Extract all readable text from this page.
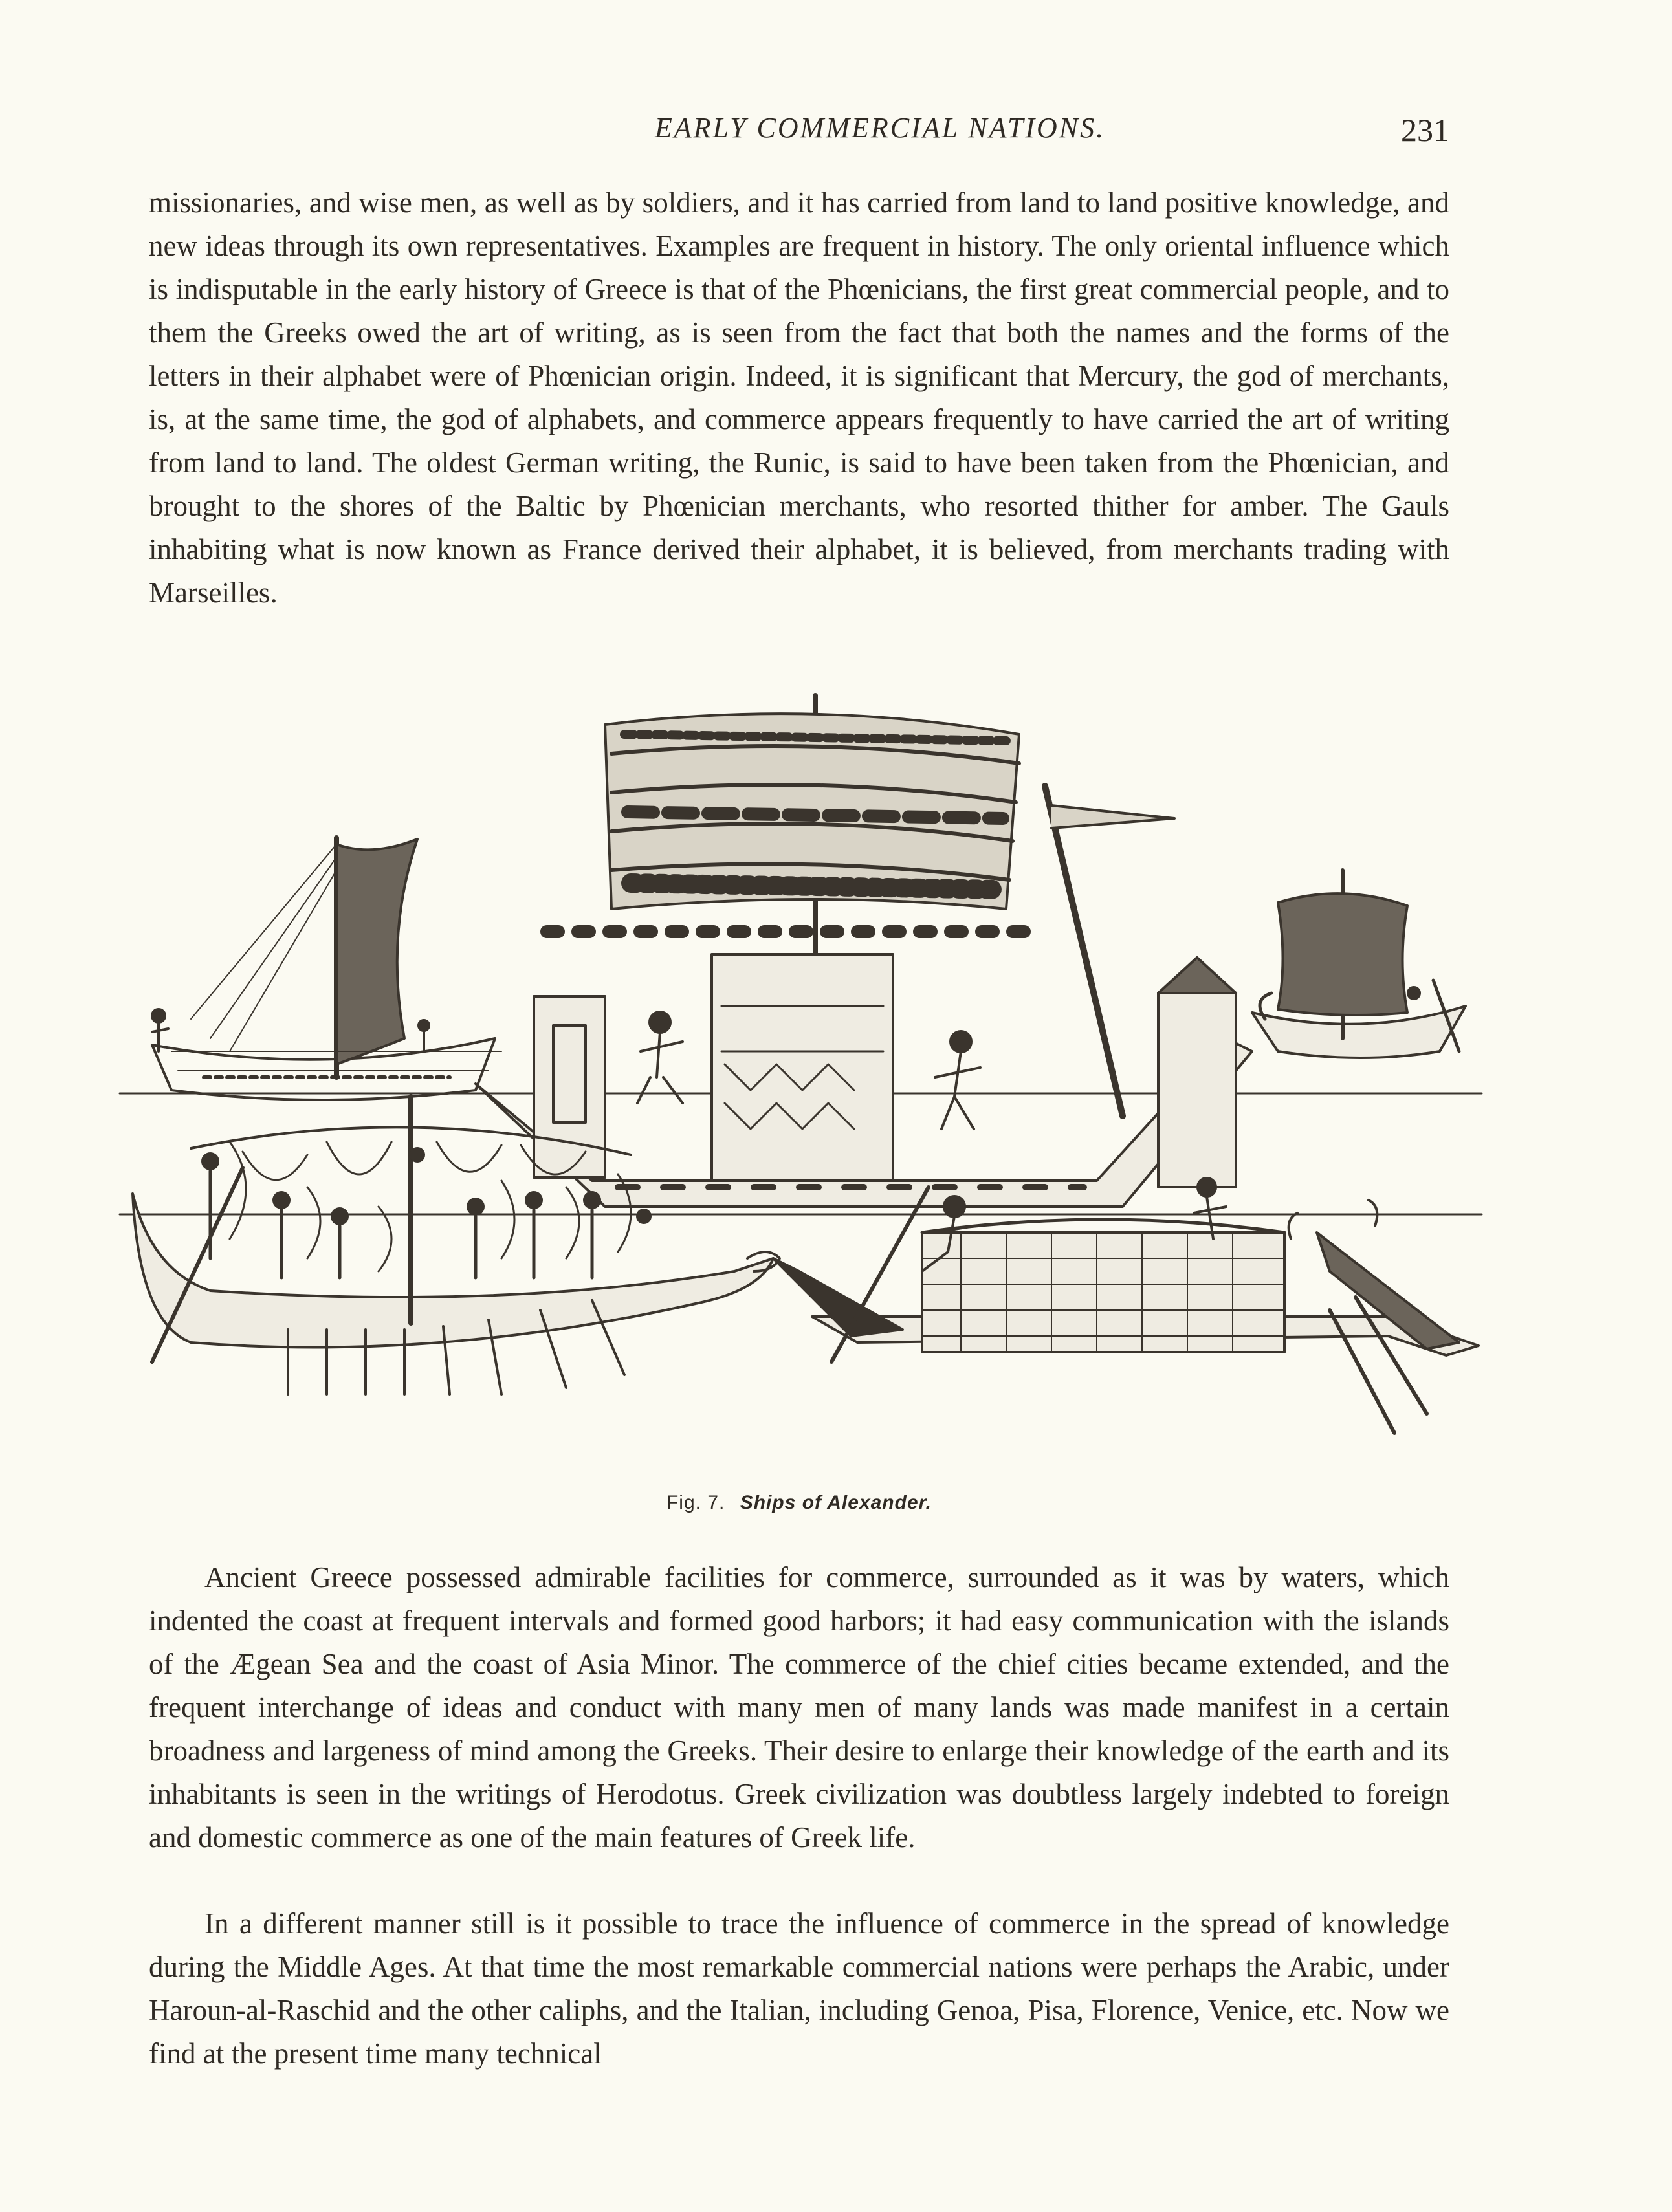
EARLY COMMERCIAL NATIONS.	231

missionaries, and wise men, as well as by soldiers, and it has carried from land to land positive knowledge, and new ideas through its own representatives. Examples are frequent in history. The only oriental influence which is indisputable in the early history of Greece is that of the Phœnicians, the first great commercial people, and to them the Greeks owed the art of writing, as is seen from the fact that both the names and the forms of the letters in their alphabet were of Phœnician origin. Indeed, it is significant that Mercury, the god of merchants, is, at the same time, the god of alphabets, and commerce appears frequently to have carried the art of writing from land to land. The oldest German writing, the Runic, is said to have been taken from the Phœnician, and brought to the shores of the Baltic by Phœnician merchants, who resorted thither for amber. The Gauls inhabiting what is now known as France derived their alphabet, it is believed, from merchants trading with Marseilles.

Fig. 7. Ships of Alexander.

Ancient Greece possessed admirable facilities for commerce, surrounded as it was by waters, which indented the coast at frequent intervals and formed good harbors; it had easy communication with the islands of the Ægean Sea and the coast of Asia Minor. The commerce of the chief cities became extended, and the frequent interchange of ideas and conduct with many men of many lands was made manifest in a certain broadness and largeness of mind among the Greeks. Their desire to enlarge their knowledge of the earth and its inhabitants is seen in the writings of Herodotus. Greek civilization was doubtless largely indebted to foreign and domestic commerce as one of the main features of Greek life.

In a different manner still is it possible to trace the influence of commerce in the spread of knowledge during the Middle Ages. At that time the most remarkable commercial nations were perhaps the Arabic, under Haroun-al-Raschid and the other caliphs, and the Italian, including Genoa, Pisa, Florence, Venice, etc. Now we find at the present time many technical
